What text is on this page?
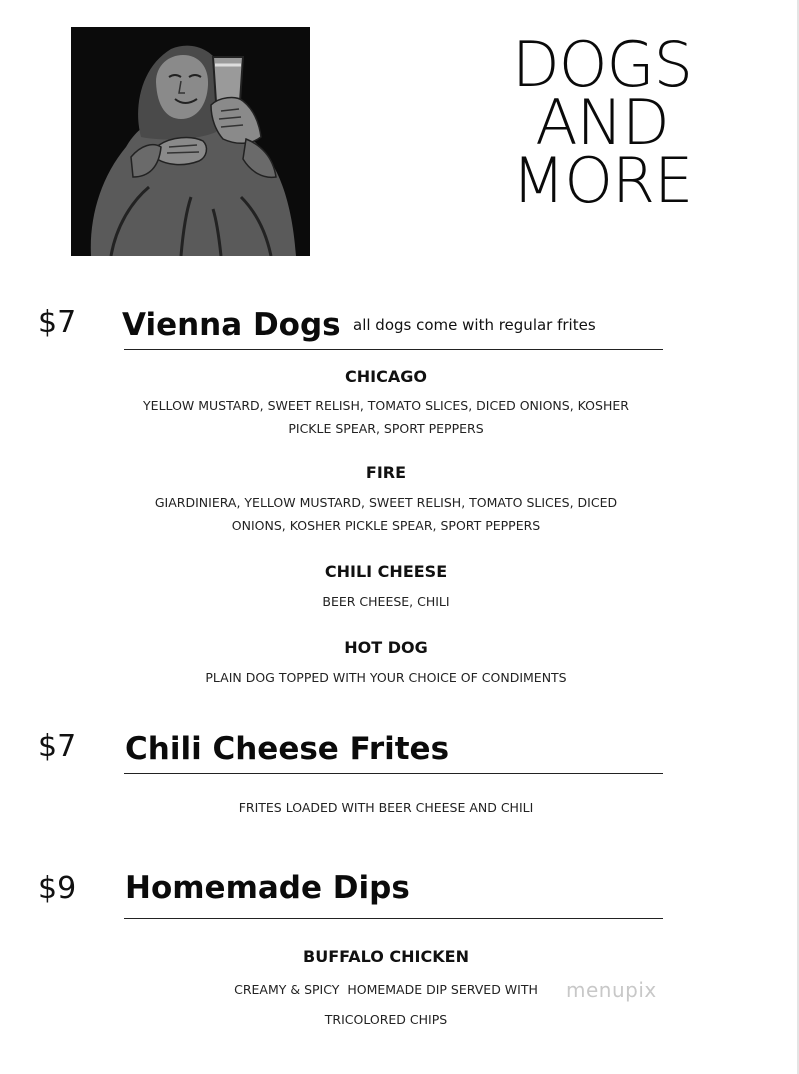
DOGS
AND
MORE
$7 Vienna Dogs all dogs come with regular frites
CHICAGO
YELLOW MUSTARD, SWEET RELISH, TOMATO SLICES, DICED ONIONS, KOSHER
PICKLE SPEAR, SPORT PEPPERS
FIRE
GIARDINIERA, YELLOW MUSTARD, SWEET RELISH, TOMATO SLICES, DICED
ONIONS, KOSHER PICKLE SPEAR, SPORT PEPPERS
CHILI CHEESE
BEER CHEESE, CHILI
HOT DOG
PLAIN DOG TOPPED WITH YOUR CHOICE OF CONDIMENTS
$7 Chili Cheese Frites
FRITES LOADED WITH BEER CHEESE AND CHILI
$9 Homemade Dips
BUFFALO CHICKEN
CREAMY & SPICY  HOMEMADE DIP SERVED WITH
TRICOLORED CHIPS
menupix
